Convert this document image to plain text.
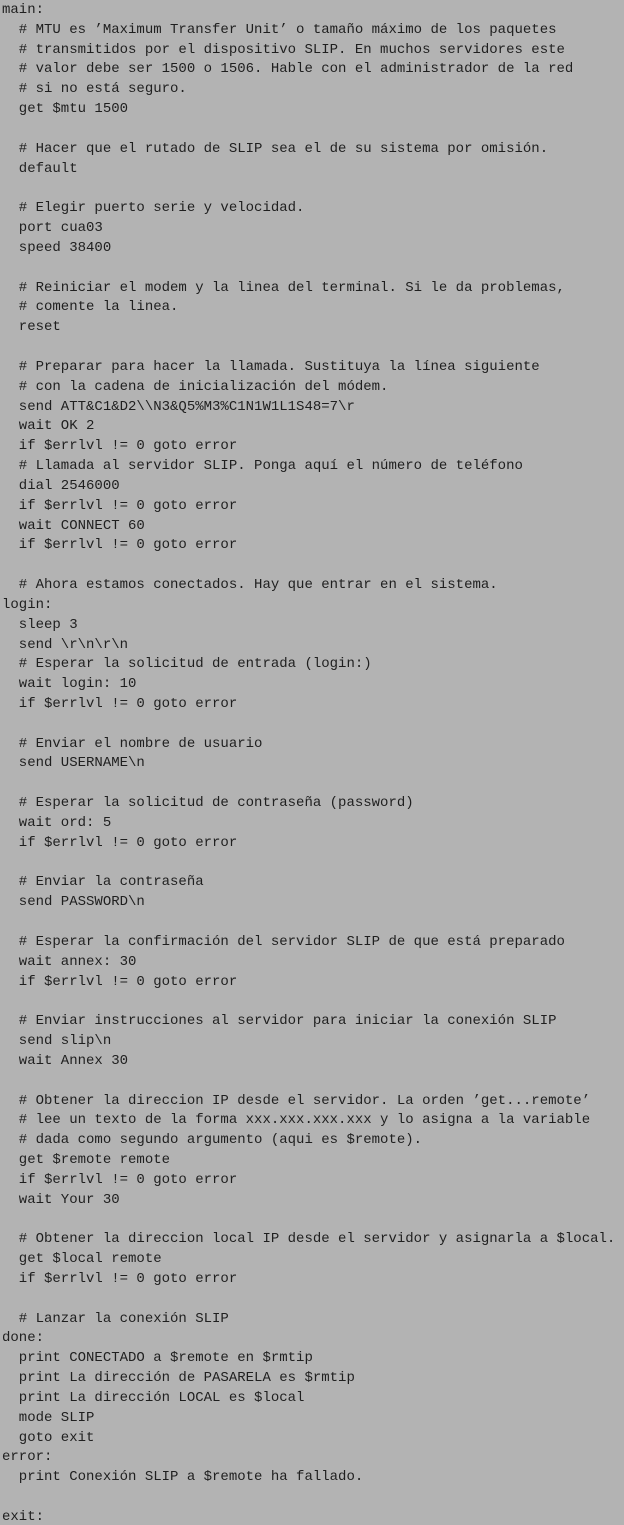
main:
# MTU es ’Maximum Transfer Unit’ o tamaño máximo de los paquetes
# transmitidos por el dispositivo SLIP. En muchos servidores este
# valor debe ser 1500 o 1506. Hable con el administrador de la red
# si no está seguro.
get $mtu 1500
# Hacer que el rutado de SLIP sea el de su sistema por omisión.
default
# Elegir puerto serie y velocidad.
port cua03
speed 38400
# Reiniciar el modem y la linea del terminal. Si le da problemas,
# comente la linea.
reset
# Preparar para hacer la llamada. Sustituya la línea siguiente
# con la cadena de inicialización del módem.
send ATT&C1&D2\\N3&Q5%M3%C1N1W1L1S48=7\r
wait OK 2
if $errlvl != 0 goto error
# Llamada al servidor SLIP. Ponga aquí el número de teléfono
dial 2546000
if $errlvl != 0 goto error
wait CONNECT 60
if $errlvl != 0 goto error
# Ahora estamos conectados. Hay que entrar en el sistema.
login:
sleep 3
send \r\n\r\n
# Esperar la solicitud de entrada (login:)
wait login: 10
if $errlvl != 0 goto error
# Enviar el nombre de usuario
send USERNAME\n
# Esperar la solicitud de contraseña (password)
wait ord: 5
if $errlvl != 0 goto error
# Enviar la contraseña
send PASSWORD\n
# Esperar la confirmación del servidor SLIP de que está preparado
wait annex: 30
if $errlvl != 0 goto error
# Enviar instrucciones al servidor para iniciar la conexión SLIP
send slip\n
wait Annex 30
# Obtener la direccion IP desde el servidor. La orden ’get...remote’
# lee un texto de la forma xxx.xxx.xxx.xxx y lo asigna a la variable
# dada como segundo argumento (aqui es $remote).
get $remote remote
if $errlvl != 0 goto error
wait Your 30
# Obtener la direccion local IP desde el servidor y asignarla a $local.
get $local remote
if $errlvl != 0 goto error
# Lanzar la conexión SLIP
done:
print CONECTADO a $remote en $rmtip
print La dirección de PASARELA es $rmtip
print La dirección LOCAL es $local
mode SLIP
goto exit
error:
print Conexión SLIP a $remote ha fallado.
exit:
